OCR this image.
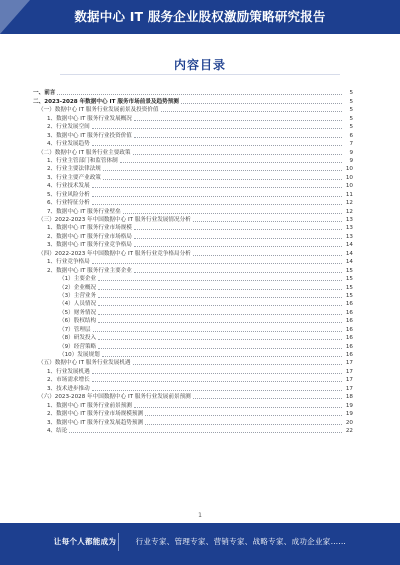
数据中心 IT 服务企业股权激励策略研究报告
内容目录
一、前言	5
二、2023-2028 年数据中心 IT 服务市场前景及趋势预测	5
（一）数据中心 IT 服务行业发展前景及投资价值	5
1、数据中心 IT 服务行业发展概况	5
2、行业发展空间	5
3、数据中心 IT 服务行业投资价值	6
4、行业发展趋势	7
（二）数据中心 IT 服务行业主要政策	9
1、行业主管部门和监管体制	9
2、行业主要法律法规	10
3、行业主要产业政策	10
4、行业技术发展	10
5、行业风险分析	11
6、行业特征分析	12
7、数据中心 IT 服务行业壁垒	12
（三）2022-2023 年中国数据中心 IT 服务行业发展情况分析	13
1、数据中心 IT 服务行业市场规模	13
2、数据中心 IT 服务行业市场格局	13
3、数据中心 IT 服务行业竞争格局	14
（四）2022-2023 年中国数据中心 IT 服务行业竞争格局分析	14
1、行业竞争格局	14
2、数据中心 IT 服务行业主要企业	15
（1）主要企业	15
（2）企业概况	15
（3）主营业务	15
（4）人员情况	16
（5）财务情况	16
（6）股权结构	16
（7）管理层	16
（8）研发投入	16
（9）经营策略	16
（10）发展规划	16
（五）数据中心 IT 服务行业发展机遇	17
1、行业发展机遇	17
2、市场需求增长	17
3、技术进步推动	17
（六）2023-2028 年中国数据中心 IT 服务行业发展前景预测	18
1、数据中心 IT 服务行业前景预测	19
2、数据中心 IT 服务行业市场规模预测	19
3、数据中心 IT 服务行业发展趋势预测	20
4、结论	22
1
让每个人都能成为	行业专家、管理专家、营销专家、战略专家、成功企业家……
